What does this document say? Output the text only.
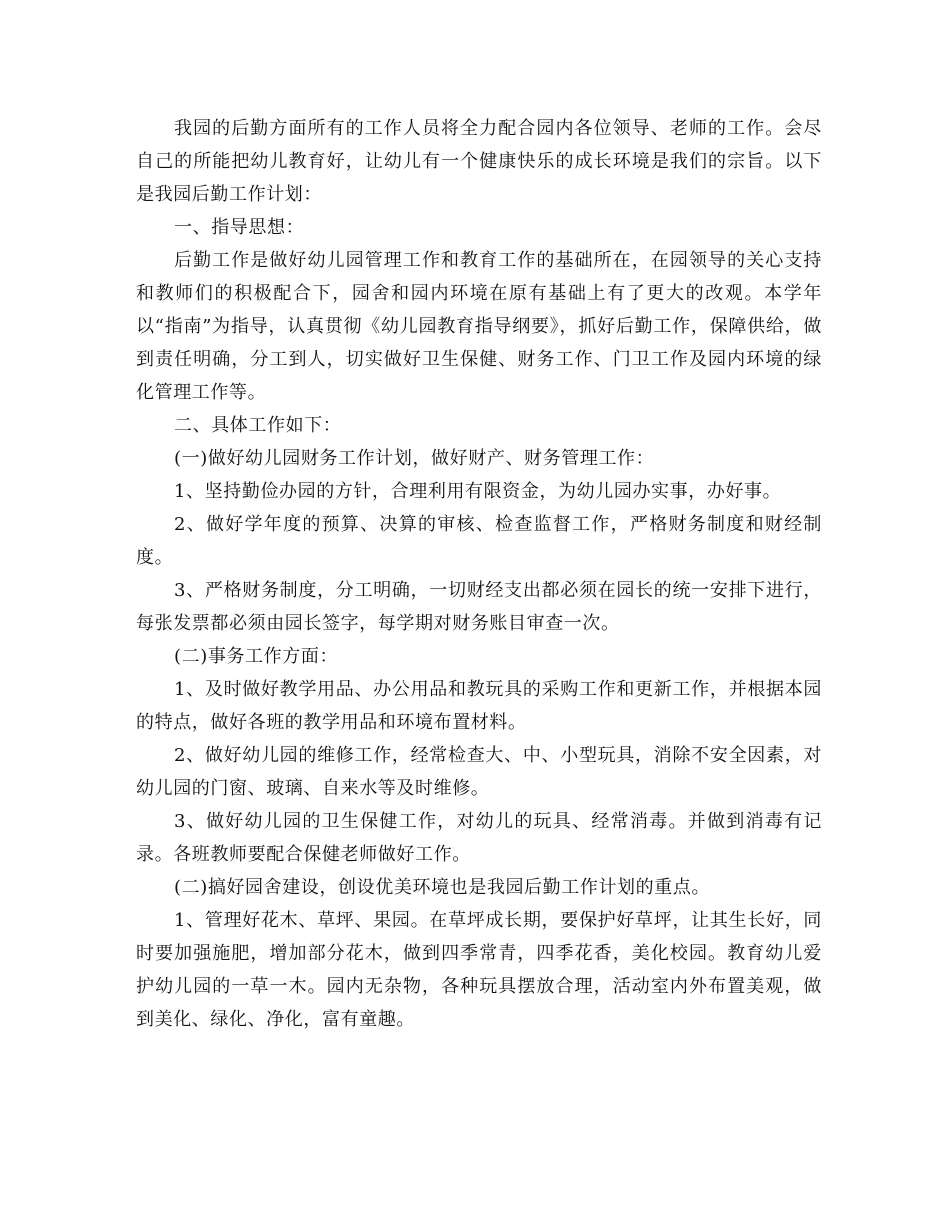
我园的后勤方面所有的工作人员将全力配合园内各位领导、老师的工作。会尽自己的所能把幼儿教育好，让幼儿有一个健康快乐的成长环境是我们的宗旨。以下是我园后勤工作计划：

一、指导思想：

后勤工作是做好幼儿园管理工作和教育工作的基础所在，在园领导的关心支持和教师们的积极配合下，园舍和园内环境在原有基础上有了更大的改观。本学年以“指南”为指导，认真贯彻《幼儿园教育指导纲要》，抓好后勤工作，保障供给，做到责任明确，分工到人，切实做好卫生保健、财务工作、门卫工作及园内环境的绿化管理工作等。

二、具体工作如下：

(一)做好幼儿园财务工作计划，做好财产、财务管理工作：

1、坚持勤俭办园的方针，合理利用有限资金，为幼儿园办实事，办好事。

2、做好学年度的预算、决算的审核、检查监督工作，严格财务制度和财经制度。

3、严格财务制度，分工明确，一切财经支出都必须在园长的统一安排下进行，每张发票都必须由园长签字，每学期对财务账目审查一次。

(二)事务工作方面：

1、及时做好教学用品、办公用品和教玩具的采购工作和更新工作，并根据本园的特点，做好各班的教学用品和环境布置材料。

2、做好幼儿园的维修工作，经常检查大、中、小型玩具，消除不安全因素，对幼儿园的门窗、玻璃、自来水等及时维修。

3、做好幼儿园的卫生保健工作，对幼儿的玩具、经常消毒。并做到消毒有记录。各班教师要配合保健老师做好工作。

(二)搞好园舍建设，创设优美环境也是我园后勤工作计划的重点。

1、管理好花木、草坪、果园。在草坪成长期，要保护好草坪，让其生长好，同时要加强施肥，增加部分花木，做到四季常青，四季花香，美化校园。教育幼儿爱护幼儿园的一草一木。园内无杂物，各种玩具摆放合理，活动室内外布置美观，做到美化、绿化、净化，富有童趣。
